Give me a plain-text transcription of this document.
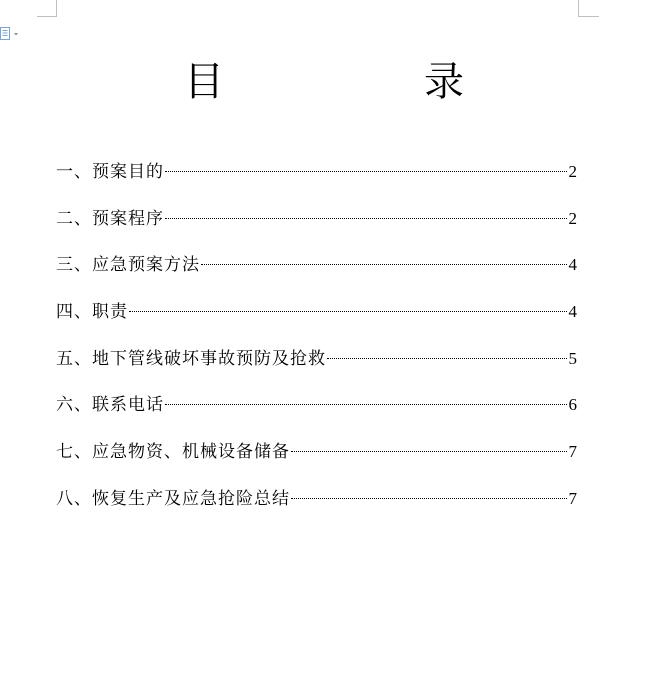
目　录
一、预案目的	2
二、预案程序	2
三、应急预案方法	4
四、职责	4
五、地下管线破坏事故预防及抢救	5
六、联系电话	6
七、应急物资、机械设备储备	7
八、恢复生产及应急抢险总结	7
